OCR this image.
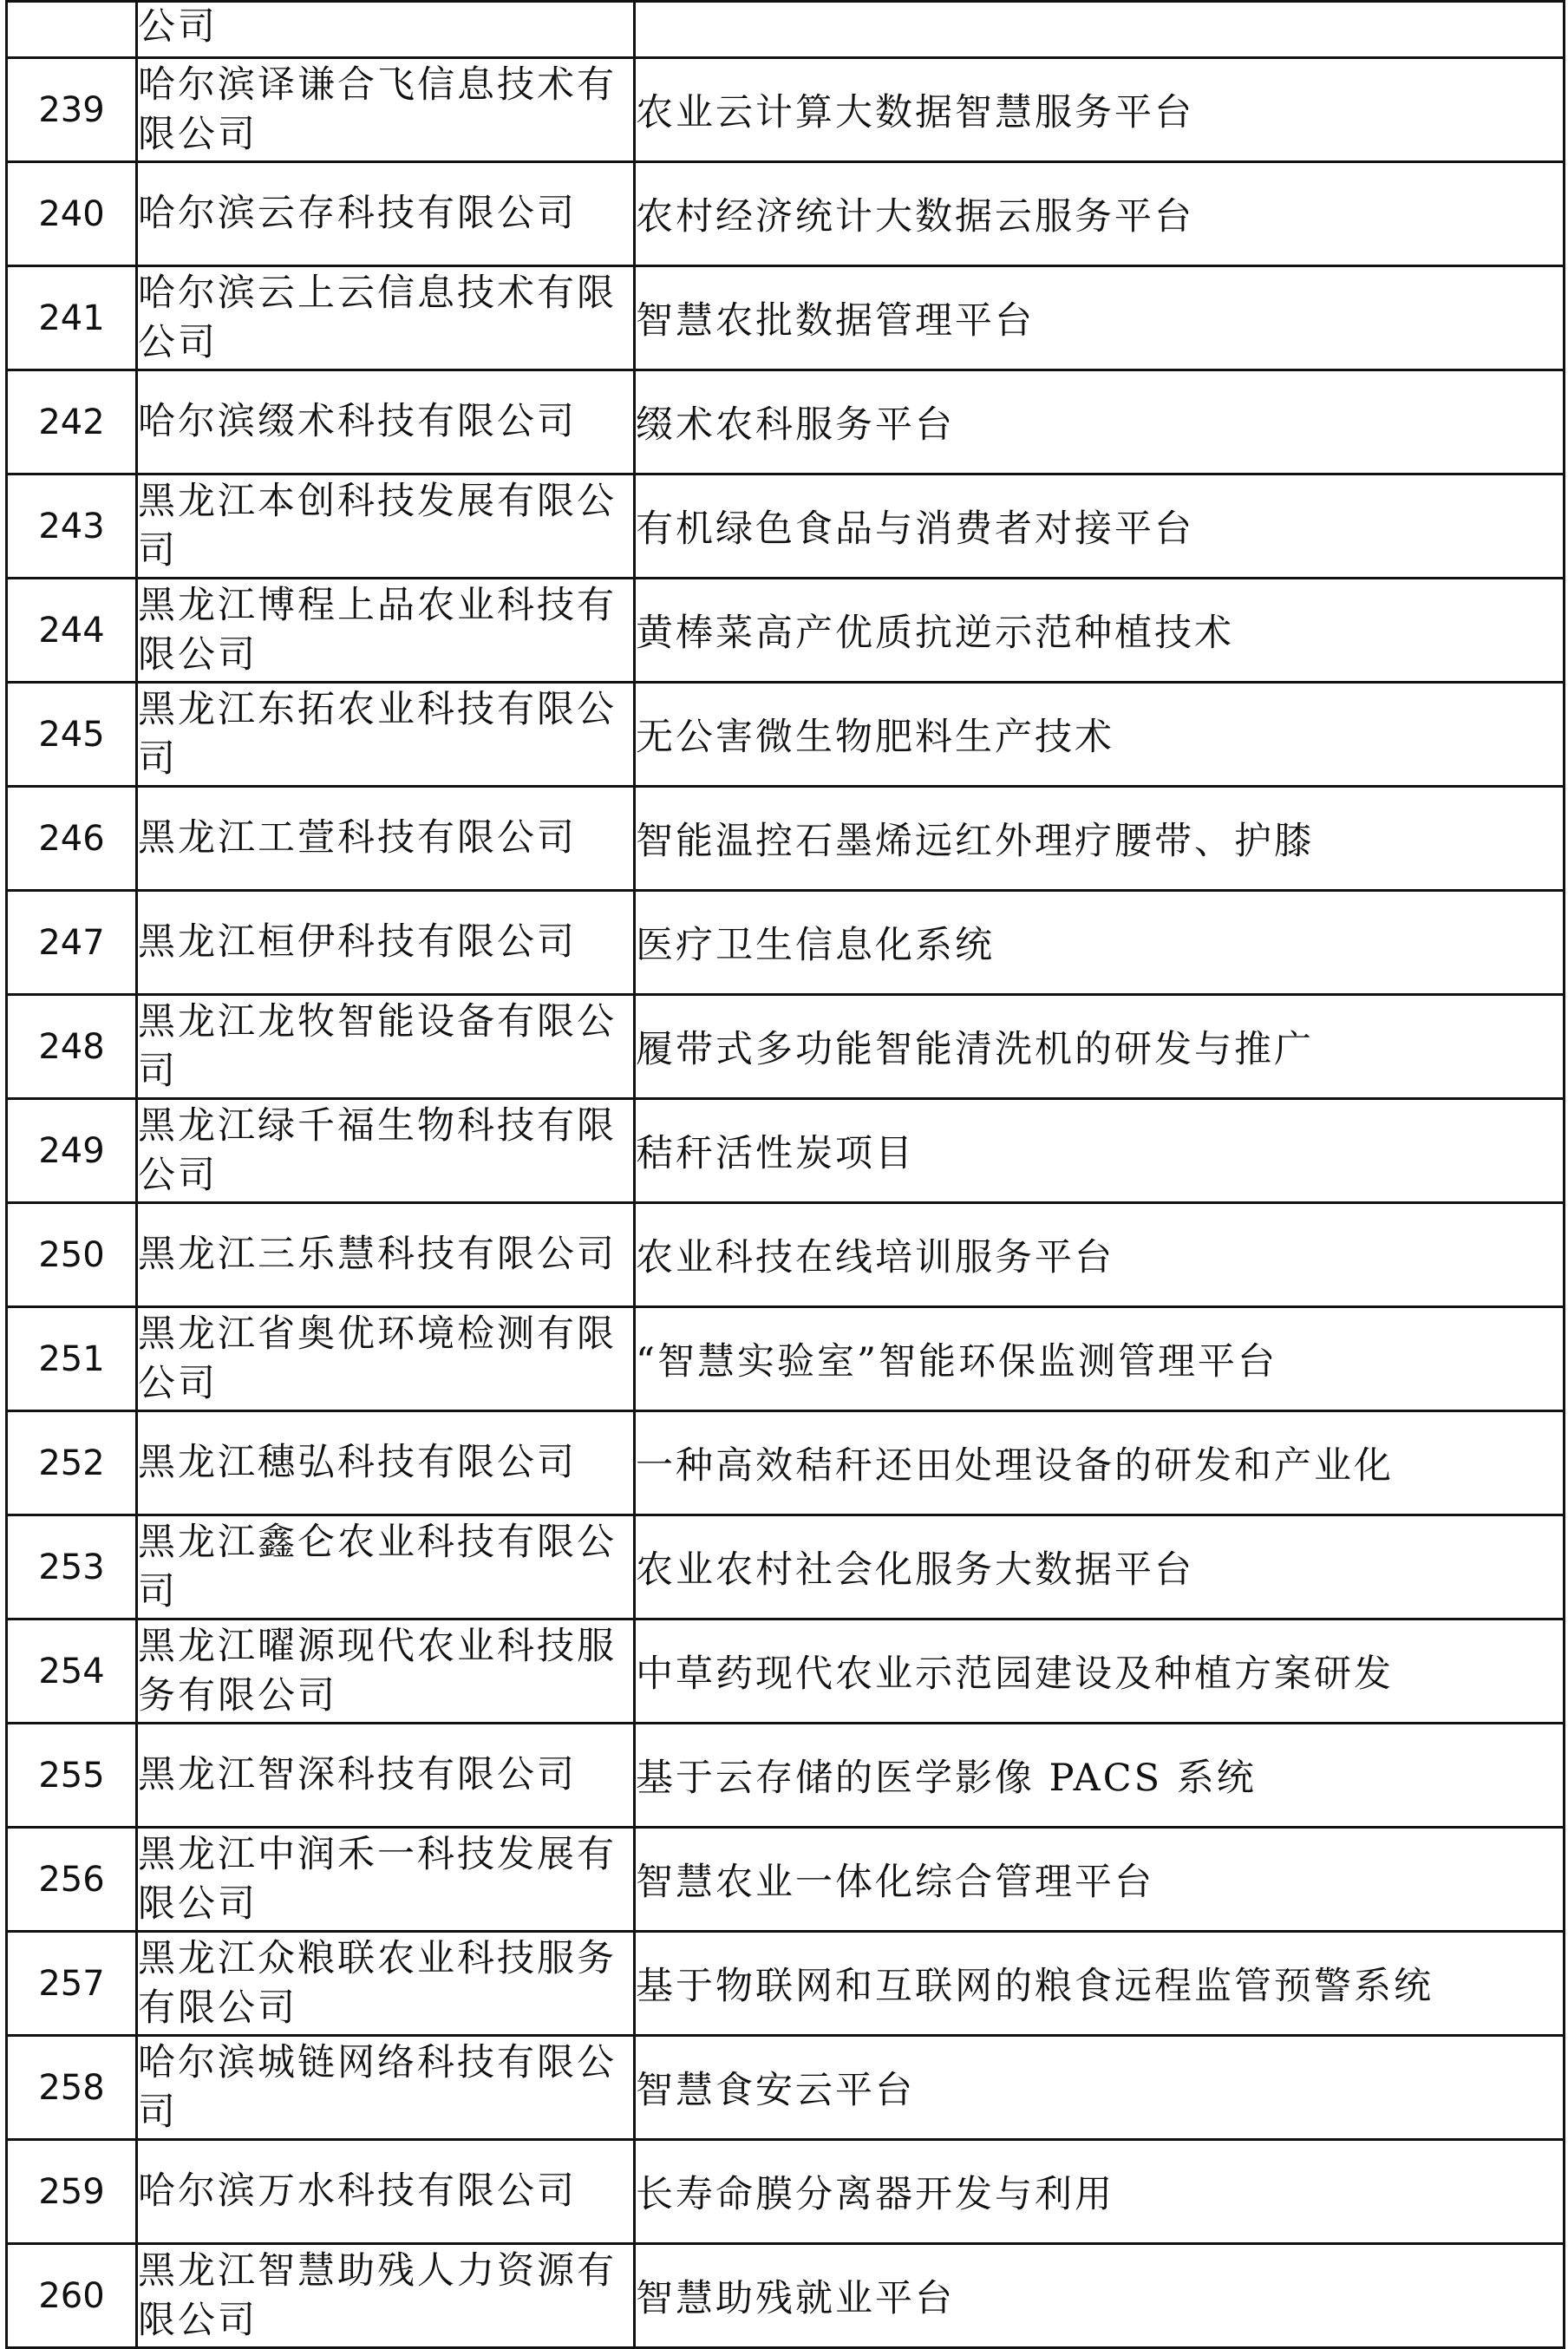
	公司	
239	哈尔滨译谦合飞信息技术有限公司	农业云计算大数据智慧服务平台
240	哈尔滨云存科技有限公司	农村经济统计大数据云服务平台
241	哈尔滨云上云信息技术有限公司	智慧农批数据管理平台
242	哈尔滨缀术科技有限公司	缀术农科服务平台
243	黑龙江本创科技发展有限公司	有机绿色食品与消费者对接平台
244	黑龙江博程上品农业科技有限公司	黄棒菜高产优质抗逆示范种植技术
245	黑龙江东拓农业科技有限公司	无公害微生物肥料生产技术
246	黑龙江工萱科技有限公司	智能温控石墨烯远红外理疗腰带、护膝
247	黑龙江桓伊科技有限公司	医疗卫生信息化系统
248	黑龙江龙牧智能设备有限公司	履带式多功能智能清洗机的研发与推广
249	黑龙江绿千福生物科技有限公司	秸秆活性炭项目
250	黑龙江三乐慧科技有限公司	农业科技在线培训服务平台
251	黑龙江省奥优环境检测有限公司	“智慧实验室”智能环保监测管理平台
252	黑龙江穗弘科技有限公司	一种高效秸秆还田处理设备的研发和产业化
253	黑龙江鑫仑农业科技有限公司	农业农村社会化服务大数据平台
254	黑龙江曜源现代农业科技服务有限公司	中草药现代农业示范园建设及种植方案研发
255	黑龙江智深科技有限公司	基于云存储的医学影像 PACS 系统
256	黑龙江中润禾一科技发展有限公司	智慧农业一体化综合管理平台
257	黑龙江众粮联农业科技服务有限公司	基于物联网和互联网的粮食远程监管预警系统
258	哈尔滨城链网络科技有限公司	智慧食安云平台
259	哈尔滨万水科技有限公司	长寿命膜分离器开发与利用
260	黑龙江智慧助残人力资源有限公司	智慧助残就业平台
